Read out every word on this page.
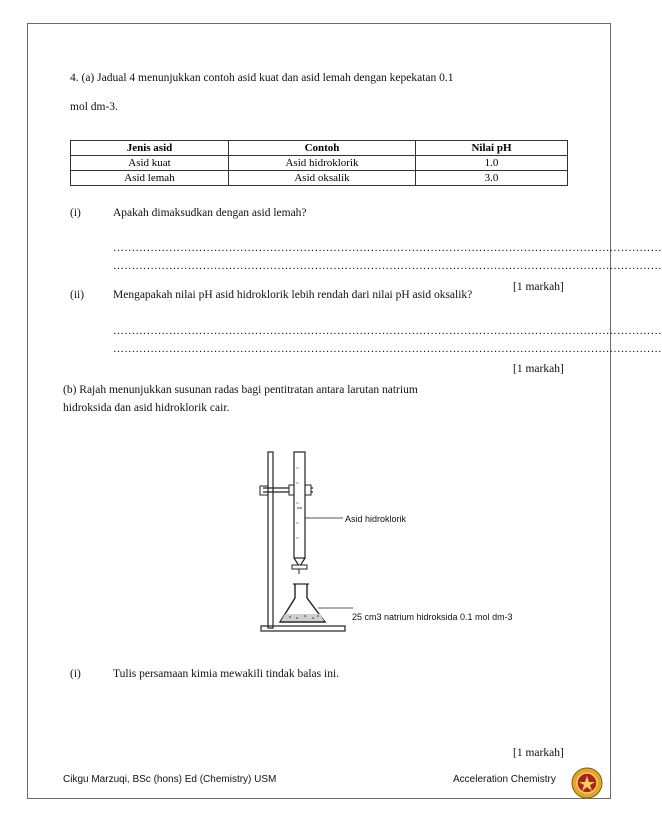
4. (a) Jadual 4 menunjukkan contoh asid kuat dan asid lemah dengan kepekatan 0.1
mol dm-3.
Jenis asid	Contoh	Nilai pH
Asid kuat	Asid hidroklorik	1.0
Asid lemah	Asid oksalik	3.0
(i)	Apakah dimaksudkan dengan asid lemah?
…………………………………………………………………………………………………………………………………
…………………………………………………………………………………………………………………………………
[1 markah]
(ii)	Mengapakah nilai pH asid hidroklorik lebih rendah dari nilai pH asid oksalik?
…………………………………………………………………………………………………………………………………
…………………………………………………………………………………………………………………………………
[1 markah]
(b) Rajah menunjukkan susunan radas bagi pentitratan antara larutan natrium
hidroksida dan asid hidroklorik cair.
Asid hidroklorik
25 cm3 natrium hidroksida 0.1 mol dm-3
(i)	Tulis persamaan kimia mewakili tindak balas ini.
[1 markah]
Cikgu Marzuqi, BSc (hons) Ed (Chemistry) USM	Acceleration Chemistry
